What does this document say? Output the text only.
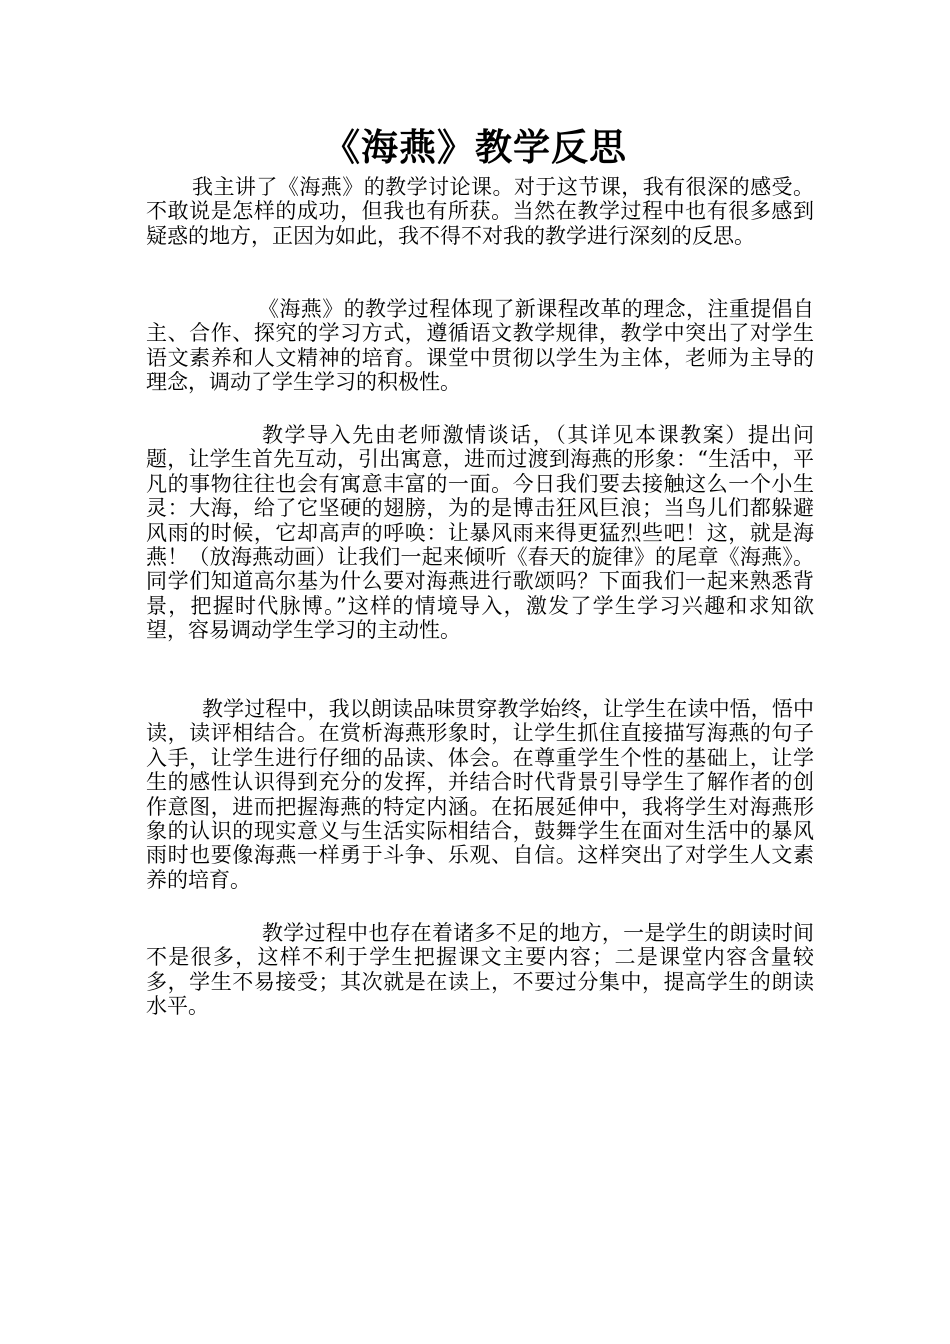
《海燕》教学反思

我主讲了《海燕》的教学讨论课。对于这节课，我有很深的感受。不敢说是怎样的成功，但我也有所获。当然在教学过程中也有很多感到疑惑的地方，正因为如此，我不得不对我的教学进行深刻的反思。

《海燕》的教学过程体现了新课程改革的理念，注重提倡自主、合作、探究的学习方式，遵循语文教学规律，教学中突出了对学生语文素养和人文精神的培育。课堂中贯彻以学生为主体，老师为主导的理念，调动了学生学习的积极性。

教学导入先由老师激情谈话，（其详见本课教案）提出问题，让学生首先互动，引出寓意，进而过渡到海燕的形象：“生活中，平凡的事物往往也会有寓意丰富的一面。今日我们要去接触这么一个小生灵：大海，给了它坚硬的翅膀，为的是博击狂风巨浪；当鸟儿们都躲避风雨的时候，它却高声的呼唤：让暴风雨来得更猛烈些吧！这，就是海燕！（放海燕动画）让我们一起来倾听《春天的旋律》的尾章《海燕》。同学们知道高尔基为什么要对海燕进行歌颂吗？下面我们一起来熟悉背景，把握时代脉博。”这样的情境导入，激发了学生学习兴趣和求知欲望，容易调动学生学习的主动性。

教学过程中，我以朗读品味贯穿教学始终，让学生在读中悟，悟中读，读评相结合。在赏析海燕形象时，让学生抓住直接描写海燕的句子入手，让学生进行仔细的品读、体会。在尊重学生个性的基础上，让学生的感性认识得到充分的发挥，并结合时代背景引导学生了解作者的创作意图，进而把握海燕的特定内涵。在拓展延伸中，我将学生对海燕形象的认识的现实意义与生活实际相结合，鼓舞学生在面对生活中的暴风雨时也要像海燕一样勇于斗争、乐观、自信。这样突出了对学生人文素养的培育。

教学过程中也存在着诸多不足的地方，一是学生的朗读时间不是很多，这样不利于学生把握课文主要内容；二是课堂内容含量较多，学生不易接受；其次就是在读上，不要过分集中，提高学生的朗读水平。
